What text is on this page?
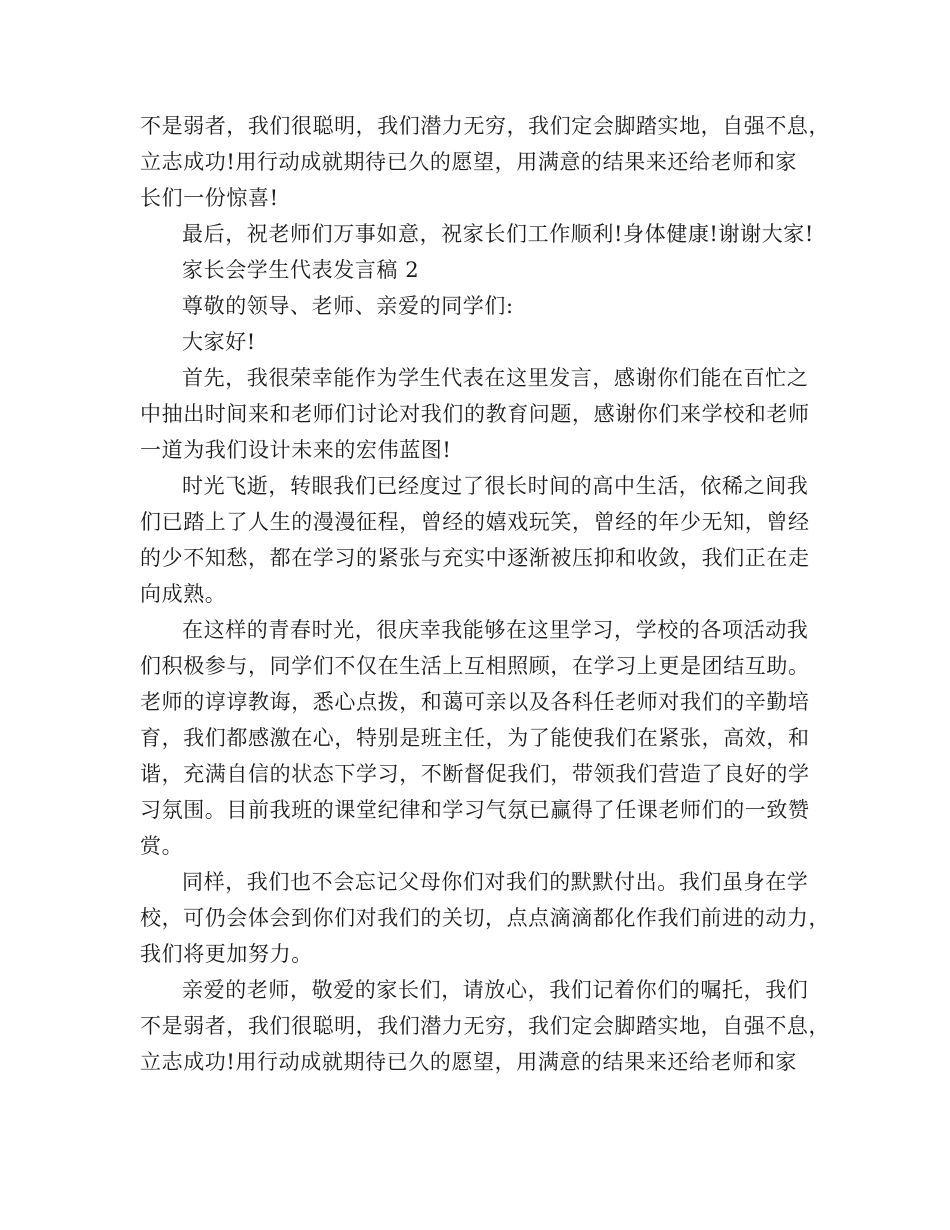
不是弱者，我们很聪明，我们潜力无穷，我们定会脚踏实地，自强不息，
立志成功!用行动成就期待已久的愿望，用满意的结果来还给老师和家
长们一份惊喜!
最后，祝老师们万事如意，祝家长们工作顺利!身体健康!谢谢大家!
家长会学生代表发言稿 2
尊敬的领导、老师、亲爱的同学们:
大家好!
首先，我很荣幸能作为学生代表在这里发言，感谢你们能在百忙之
中抽出时间来和老师们讨论对我们的教育问题，感谢你们来学校和老师
一道为我们设计未来的宏伟蓝图!
时光飞逝，转眼我们已经度过了很长时间的高中生活，依稀之间我
们已踏上了人生的漫漫征程，曾经的嬉戏玩笑，曾经的年少无知，曾经
的少不知愁，都在学习的紧张与充实中逐渐被压抑和收敛，我们正在走
向成熟。
在这样的青春时光，很庆幸我能够在这里学习，学校的各项活动我
们积极参与，同学们不仅在生活上互相照顾，在学习上更是团结互助。
老师的谆谆教诲，悉心点拨，和蔼可亲以及各科任老师对我们的辛勤培
育，我们都感激在心，特别是班主任，为了能使我们在紧张，高效，和
谐，充满自信的状态下学习，不断督促我们，带领我们营造了良好的学
习氛围。目前我班的课堂纪律和学习气氛已赢得了任课老师们的一致赞
赏。
同样，我们也不会忘记父母你们对我们的默默付出。我们虽身在学
校，可仍会体会到你们对我们的关切，点点滴滴都化作我们前进的动力，
我们将更加努力。
亲爱的老师，敬爱的家长们，请放心，我们记着你们的嘱托，我们
不是弱者，我们很聪明，我们潜力无穷，我们定会脚踏实地，自强不息，
立志成功!用行动成就期待已久的愿望，用满意的结果来还给老师和家
